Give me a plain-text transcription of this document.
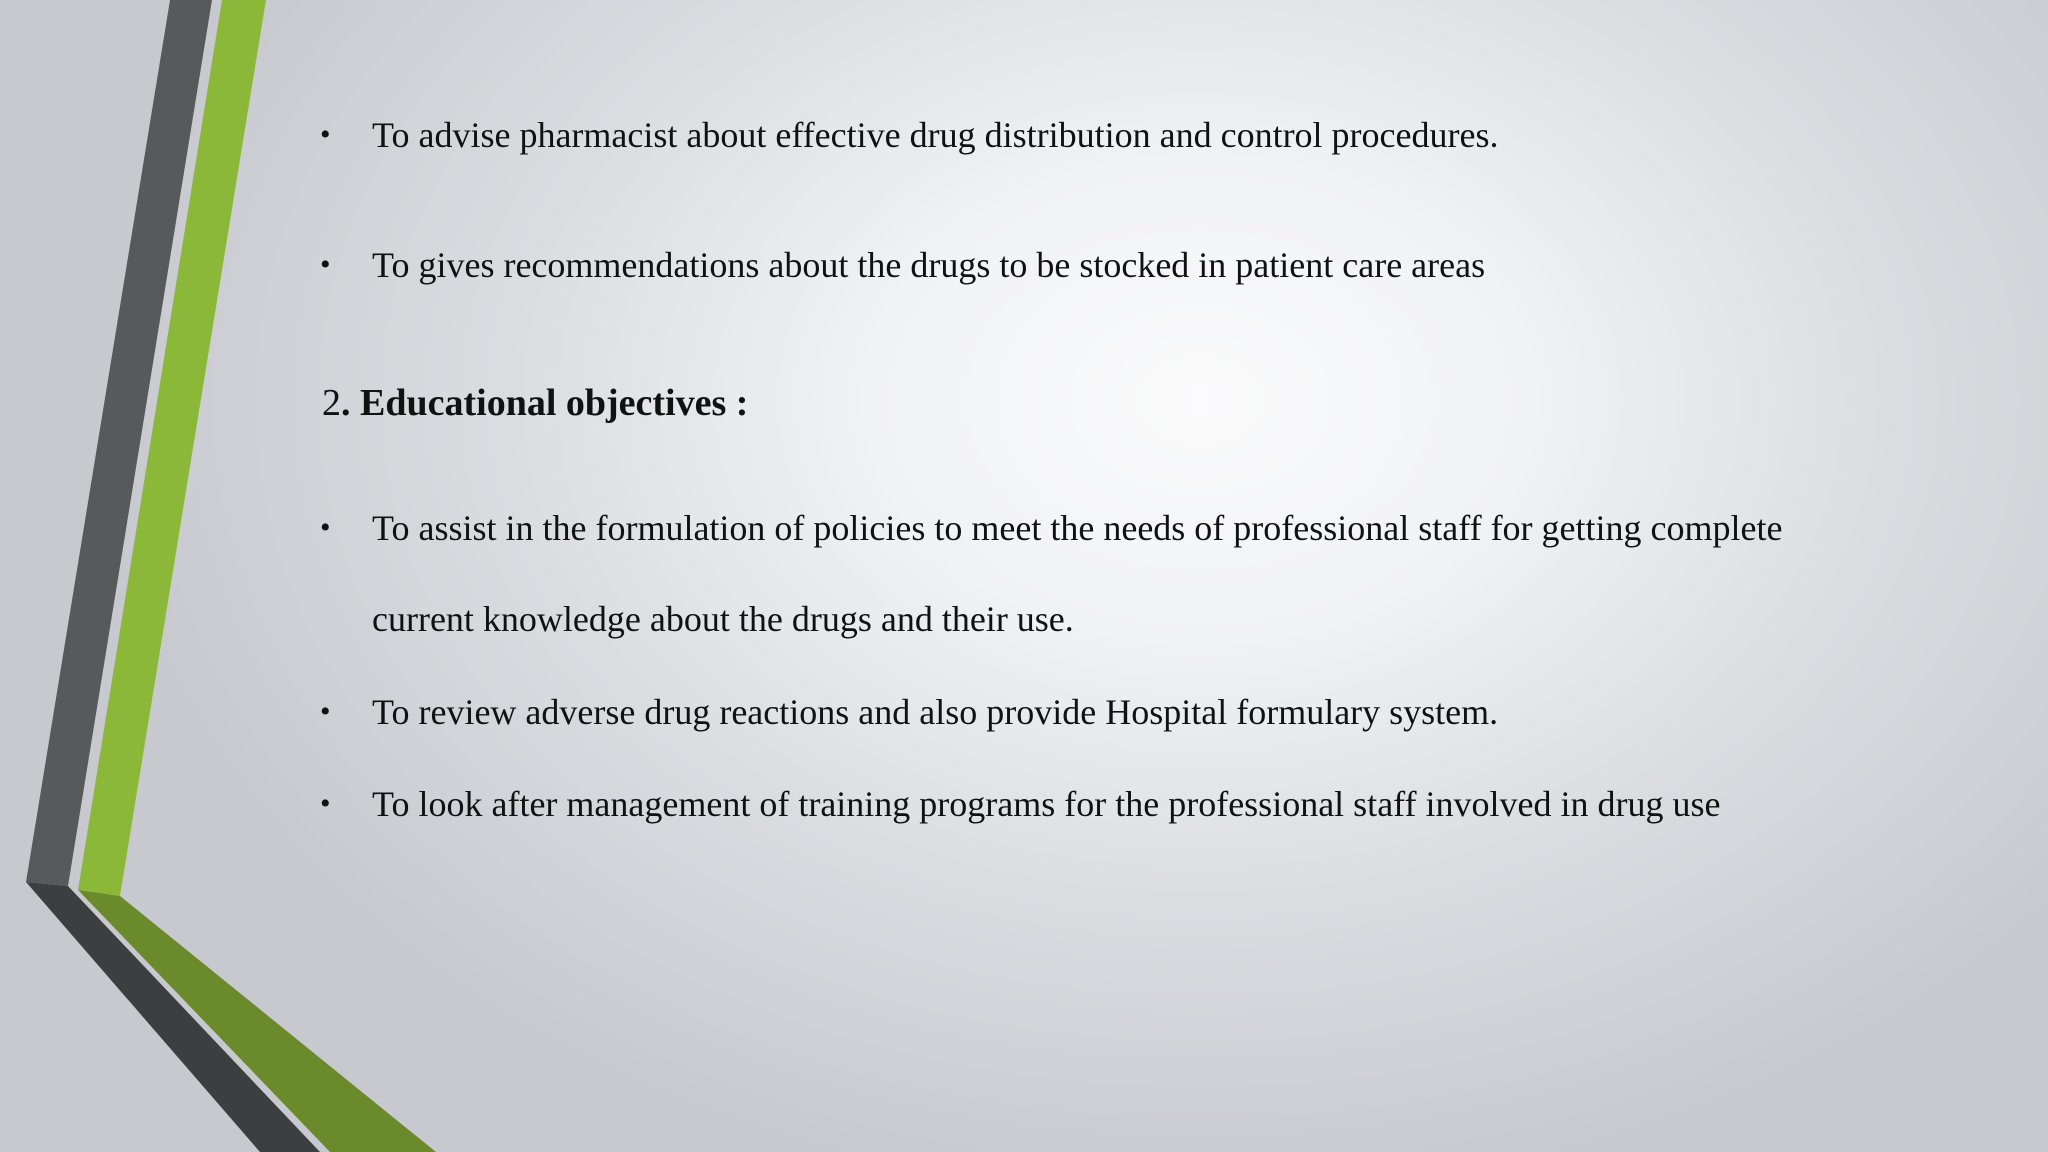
• To advise pharmacist about effective drug distribution and control procedures.
• To gives recommendations about the drugs to be stocked in patient care areas
2. Educational objectives :
• To assist in the formulation of policies to meet the needs of professional staff for getting complete
current knowledge about the drugs and their use.
• To review adverse drug reactions and also provide Hospital formulary system.
• To look after management of training programs for the professional staff involved in drug use
